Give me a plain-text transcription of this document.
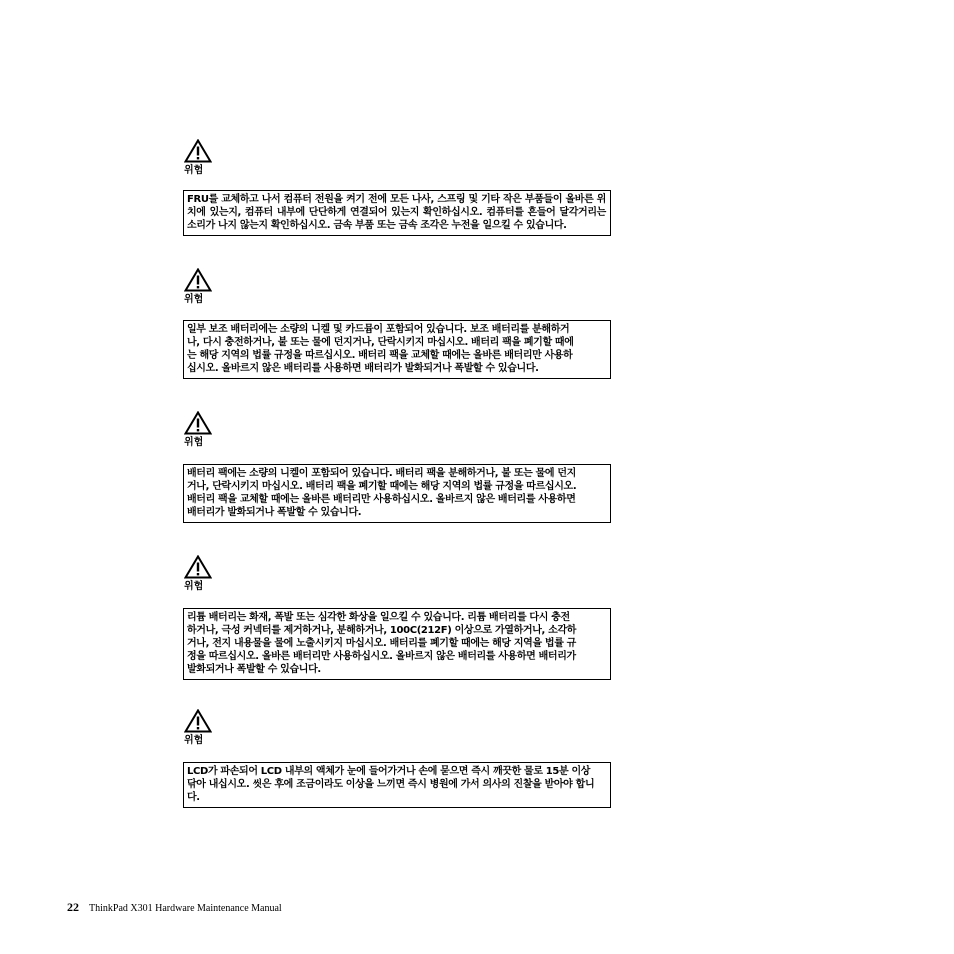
위험

FRU를 교체하고 나서 컴퓨터 전원을 켜기 전에 모든 나사, 스프링 및 기타 작은 부품들이 올바른 위치에 있는지, 컴퓨터 내부에 단단하게 연결되어 있는지 확인하십시오. 컴퓨터를 흔들어 달각거리는 소리가 나지 않는지 확인하십시오. 금속 부품 또는 금속 조각은 누전을 일으킬 수 있습니다.

위험

일부 보조 배터리에는 소량의 니켈 및 카드뮴이 포함되어 있습니다. 보조 배터리를 분해하거나, 다시 충전하거나, 불 또는 물에 던지거나, 단락시키지 마십시오. 배터리 팩을 폐기할 때에는 해당 지역의 법률 규정을 따르십시오. 배터리 팩을 교체할 때에는 올바른 배터리만 사용하십시오. 올바르지 않은 배터리를 사용하면 배터리가 발화되거나 폭발할 수 있습니다.

위험

배터리 팩에는 소량의 니켈이 포함되어 있습니다. 배터리 팩을 분해하거나, 불 또는 물에 던지거나, 단락시키지 마십시오. 배터리 팩을 폐기할 때에는 해당 지역의 법률 규정을 따르십시오. 배터리 팩을 교체할 때에는 올바른 배터리만 사용하십시오. 올바르지 않은 배터리를 사용하면 배터리가 발화되거나 폭발할 수 있습니다.

위험

리튬 배터리는 화재, 폭발 또는 심각한 화상을 일으킬 수 있습니다. 리튬 배터리를 다시 충전하거나, 극성 커넥터를 제거하거나, 분해하거나, 100C(212F) 이상으로 가열하거나, 소각하거나, 전지 내용물을 물에 노출시키지 마십시오. 배터리를 폐기할 때에는 해당 지역을 법률 규정을 따르십시오. 올바른 배터리만 사용하십시오. 올바르지 않은 배터리를 사용하면 배터리가 발화되거나 폭발할 수 있습니다.

위험

LCD가 파손되어 LCD 내부의 액체가 눈에 들어가거나 손에 묻으면 즉시 깨끗한 물로 15분 이상 닦아 내십시오. 씻은 후에 조금이라도 이상을 느끼면 즉시 병원에 가서 의사의 진찰을 받아야 합니다.

22 ThinkPad X301 Hardware Maintenance Manual
